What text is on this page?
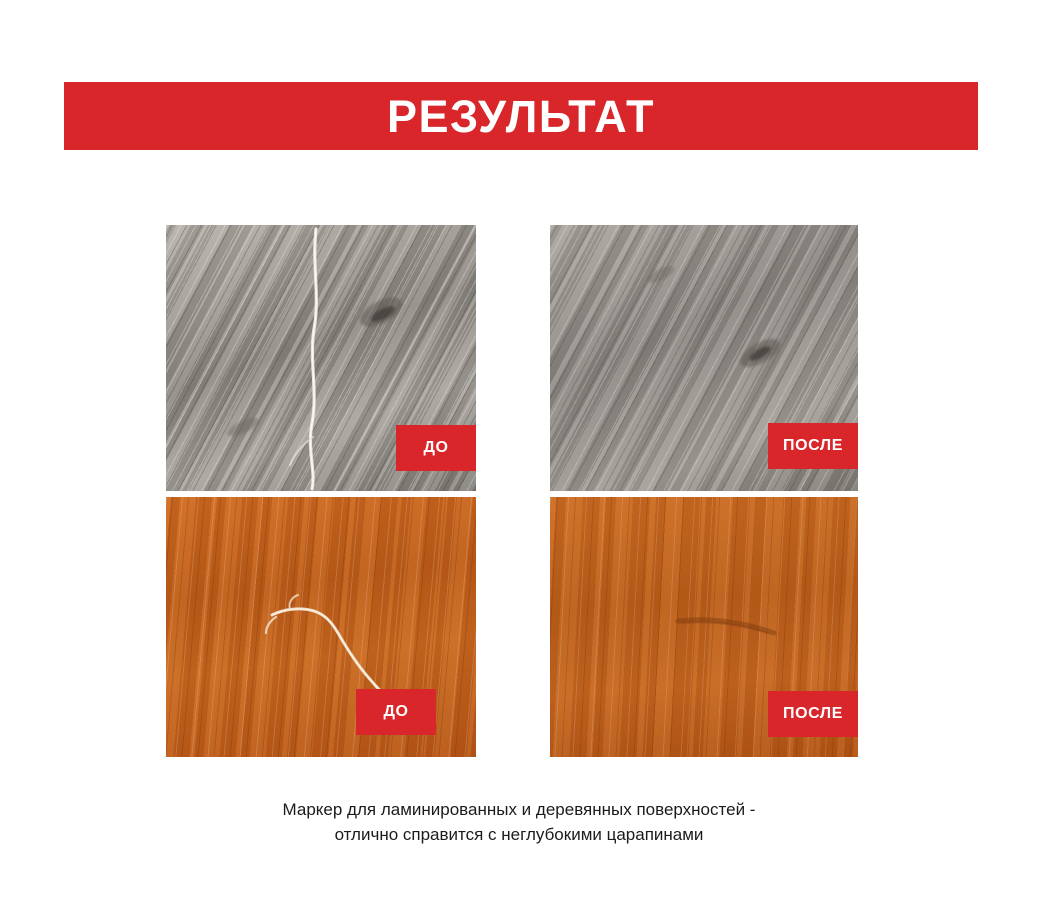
РЕЗУЛЬТАТ
ДО	ПОСЛЕ
ДО	ПОСЛЕ
Маркер для ламинированных и деревянных поверхностей -
отлично справится с неглубокими царапинами
